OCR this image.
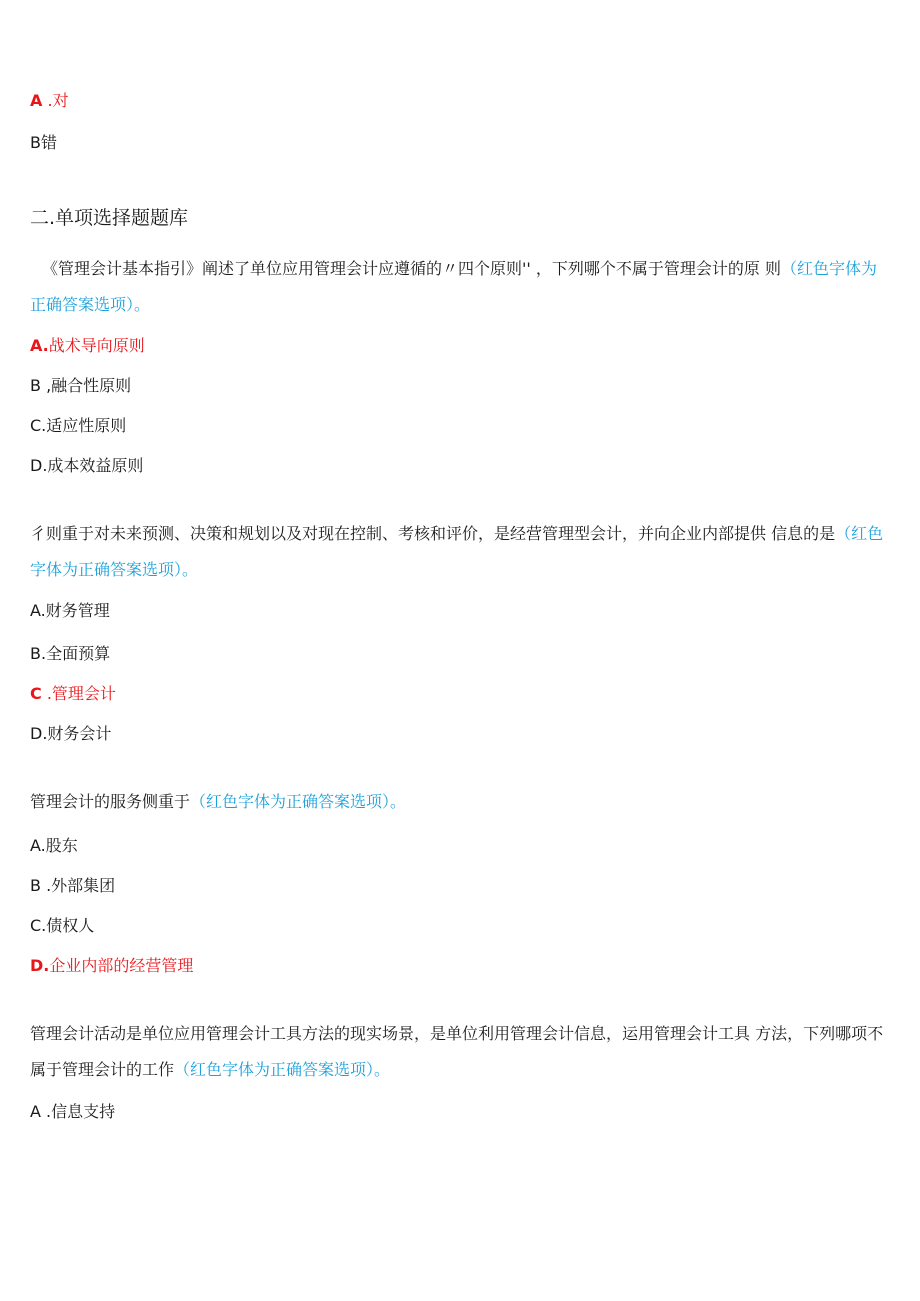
A .对
B错
二.单项选择题题库
《管理会计基本指引》阐述了单位应用管理会计应遵循的〃四个原则'' ，下列哪个不属于管理会计的原 则（红色字体为正确答案选项）。
A.战术导向原则
B ,融合性原则
C.适应性原则
D.成本效益原则
彳则重于对未来预测、决策和规划以及对现在控制、考核和评价，是经营管理型会计，并向企业内部提供 信息的是（红色字体为正确答案选项）。
A.财务管理
B.全面预算
C .管理会计
D.财务会计
管理会计的服务侧重于（红色字体为正确答案选项）。
A.股东
B .外部集团
C.债权人
D.企业内部的经营管理
管理会计活动是单位应用管理会计工具方法的现实场景，是单位利用管理会计信息，运用管理会计工具 方法，下列哪项不属于管理会计的工作（红色字体为正确答案选项）。
A .信息支持
